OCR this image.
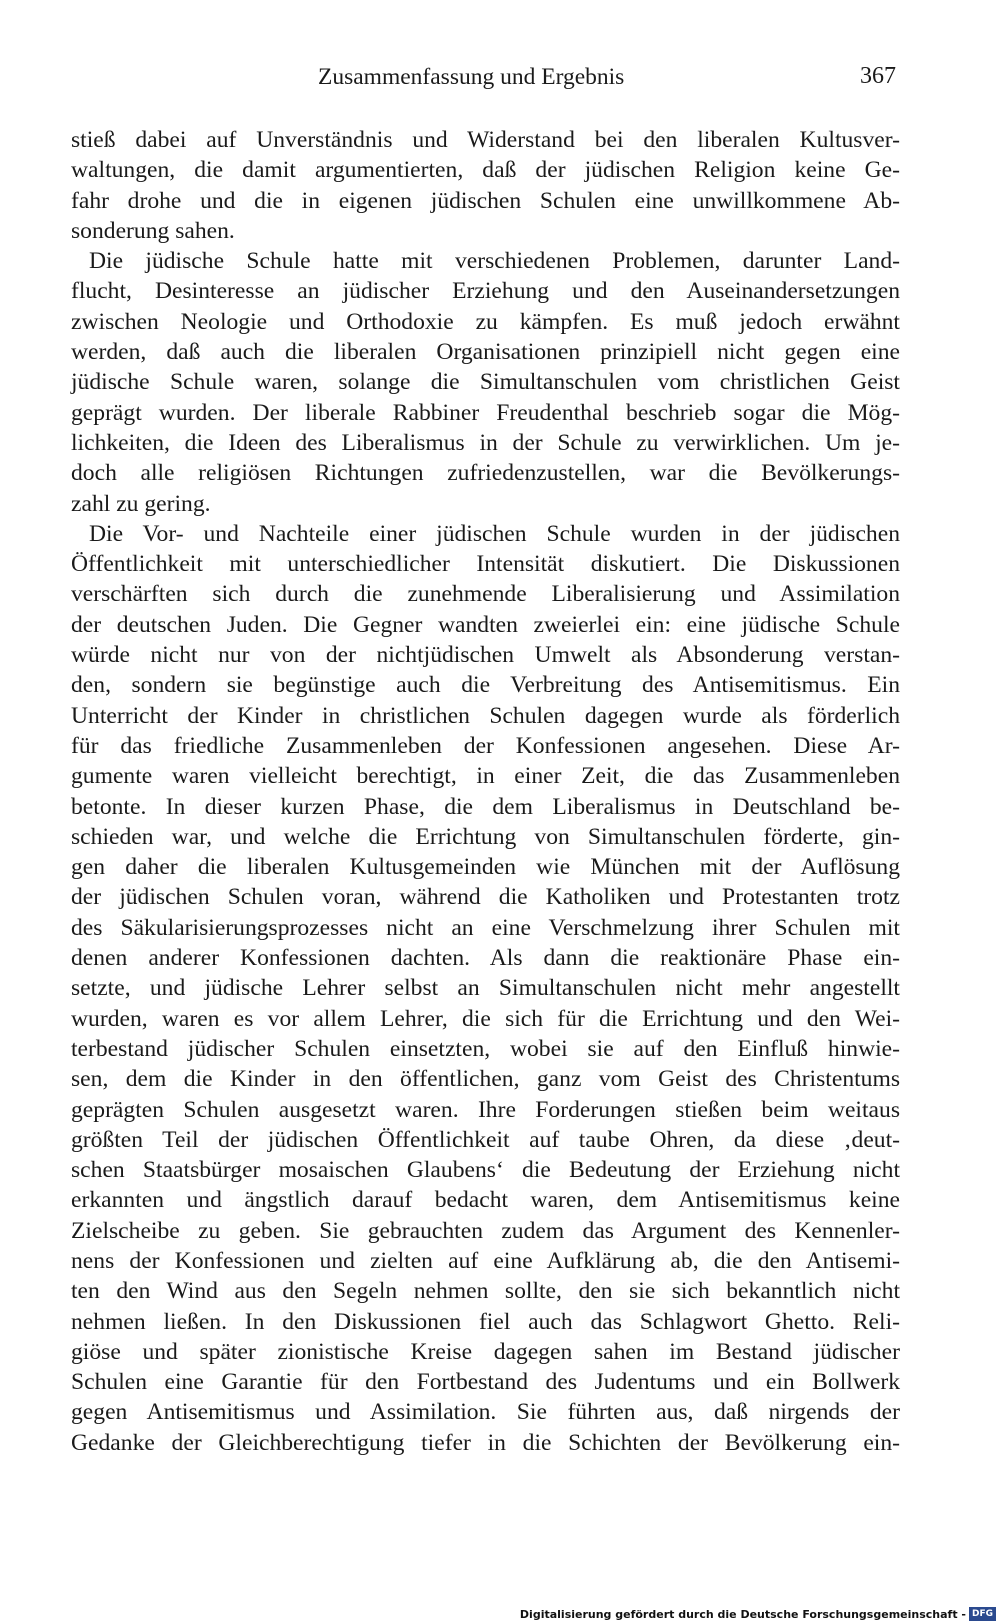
Zusammenfassung und Ergebnis	367
stieß dabei auf Unverständnis und Widerstand bei den liberalen Kultusver-
waltungen, die damit argumentierten, daß der jüdischen Religion keine Ge-
fahr drohe und die in eigenen jüdischen Schulen eine unwillkommene Ab-
sonderung sahen.
Die jüdische Schule hatte mit verschiedenen Problemen, darunter Land-
flucht, Desinteresse an jüdischer Erziehung und den Auseinandersetzungen
zwischen Neologie und Orthodoxie zu kämpfen. Es muß jedoch erwähnt
werden, daß auch die liberalen Organisationen prinzipiell nicht gegen eine
jüdische Schule waren, solange die Simultanschulen vom christlichen Geist
geprägt wurden. Der liberale Rabbiner Freudenthal beschrieb sogar die Mög-
lichkeiten, die Ideen des Liberalismus in der Schule zu verwirklichen. Um je-
doch alle religiösen Richtungen zufriedenzustellen, war die Bevölkerungs-
zahl zu gering.
Die Vor- und Nachteile einer jüdischen Schule wurden in der jüdischen
Öffentlichkeit mit unterschiedlicher Intensität diskutiert. Die Diskussionen
verschärften sich durch die zunehmende Liberalisierung und Assimilation
der deutschen Juden. Die Gegner wandten zweierlei ein: eine jüdische Schule
würde nicht nur von der nichtjüdischen Umwelt als Absonderung verstan-
den, sondern sie begünstige auch die Verbreitung des Antisemitismus. Ein
Unterricht der Kinder in christlichen Schulen dagegen wurde als förderlich
für das friedliche Zusammenleben der Konfessionen angesehen. Diese Ar-
gumente waren vielleicht berechtigt, in einer Zeit, die das Zusammenleben
betonte. In dieser kurzen Phase, die dem Liberalismus in Deutschland be-
schieden war, und welche die Errichtung von Simultanschulen förderte, gin-
gen daher die liberalen Kultusgemeinden wie München mit der Auflösung
der jüdischen Schulen voran, während die Katholiken und Protestanten trotz
des Säkularisierungsprozesses nicht an eine Verschmelzung ihrer Schulen mit
denen anderer Konfessionen dachten. Als dann die reaktionäre Phase ein-
setzte, und jüdische Lehrer selbst an Simultanschulen nicht mehr angestellt
wurden, waren es vor allem Lehrer, die sich für die Errichtung und den Wei-
terbestand jüdischer Schulen einsetzten, wobei sie auf den Einfluß hinwie-
sen, dem die Kinder in den öffentlichen, ganz vom Geist des Christentums
geprägten Schulen ausgesetzt waren. Ihre Forderungen stießen beim weitaus
größten Teil der jüdischen Öffentlichkeit auf taube Ohren, da diese ‚deut-
schen Staatsbürger mosaischen Glaubens‘ die Bedeutung der Erziehung nicht
erkannten und ängstlich darauf bedacht waren, dem Antisemitismus keine
Zielscheibe zu geben. Sie gebrauchten zudem das Argument des Kennenler-
nens der Konfessionen und zielten auf eine Aufklärung ab, die den Antisemi-
ten den Wind aus den Segeln nehmen sollte, den sie sich bekanntlich nicht
nehmen ließen. In den Diskussionen fiel auch das Schlagwort Ghetto. Reli-
giöse und später zionistische Kreise dagegen sahen im Bestand jüdischer
Schulen eine Garantie für den Fortbestand des Judentums und ein Bollwerk
gegen Antisemitismus und Assimilation. Sie führten aus, daß nirgends der
Gedanke der Gleichberechtigung tiefer in die Schichten der Bevölkerung ein-
Digitalisierung gefördert durch die Deutsche Forschungsgemeinschaft - DFG
